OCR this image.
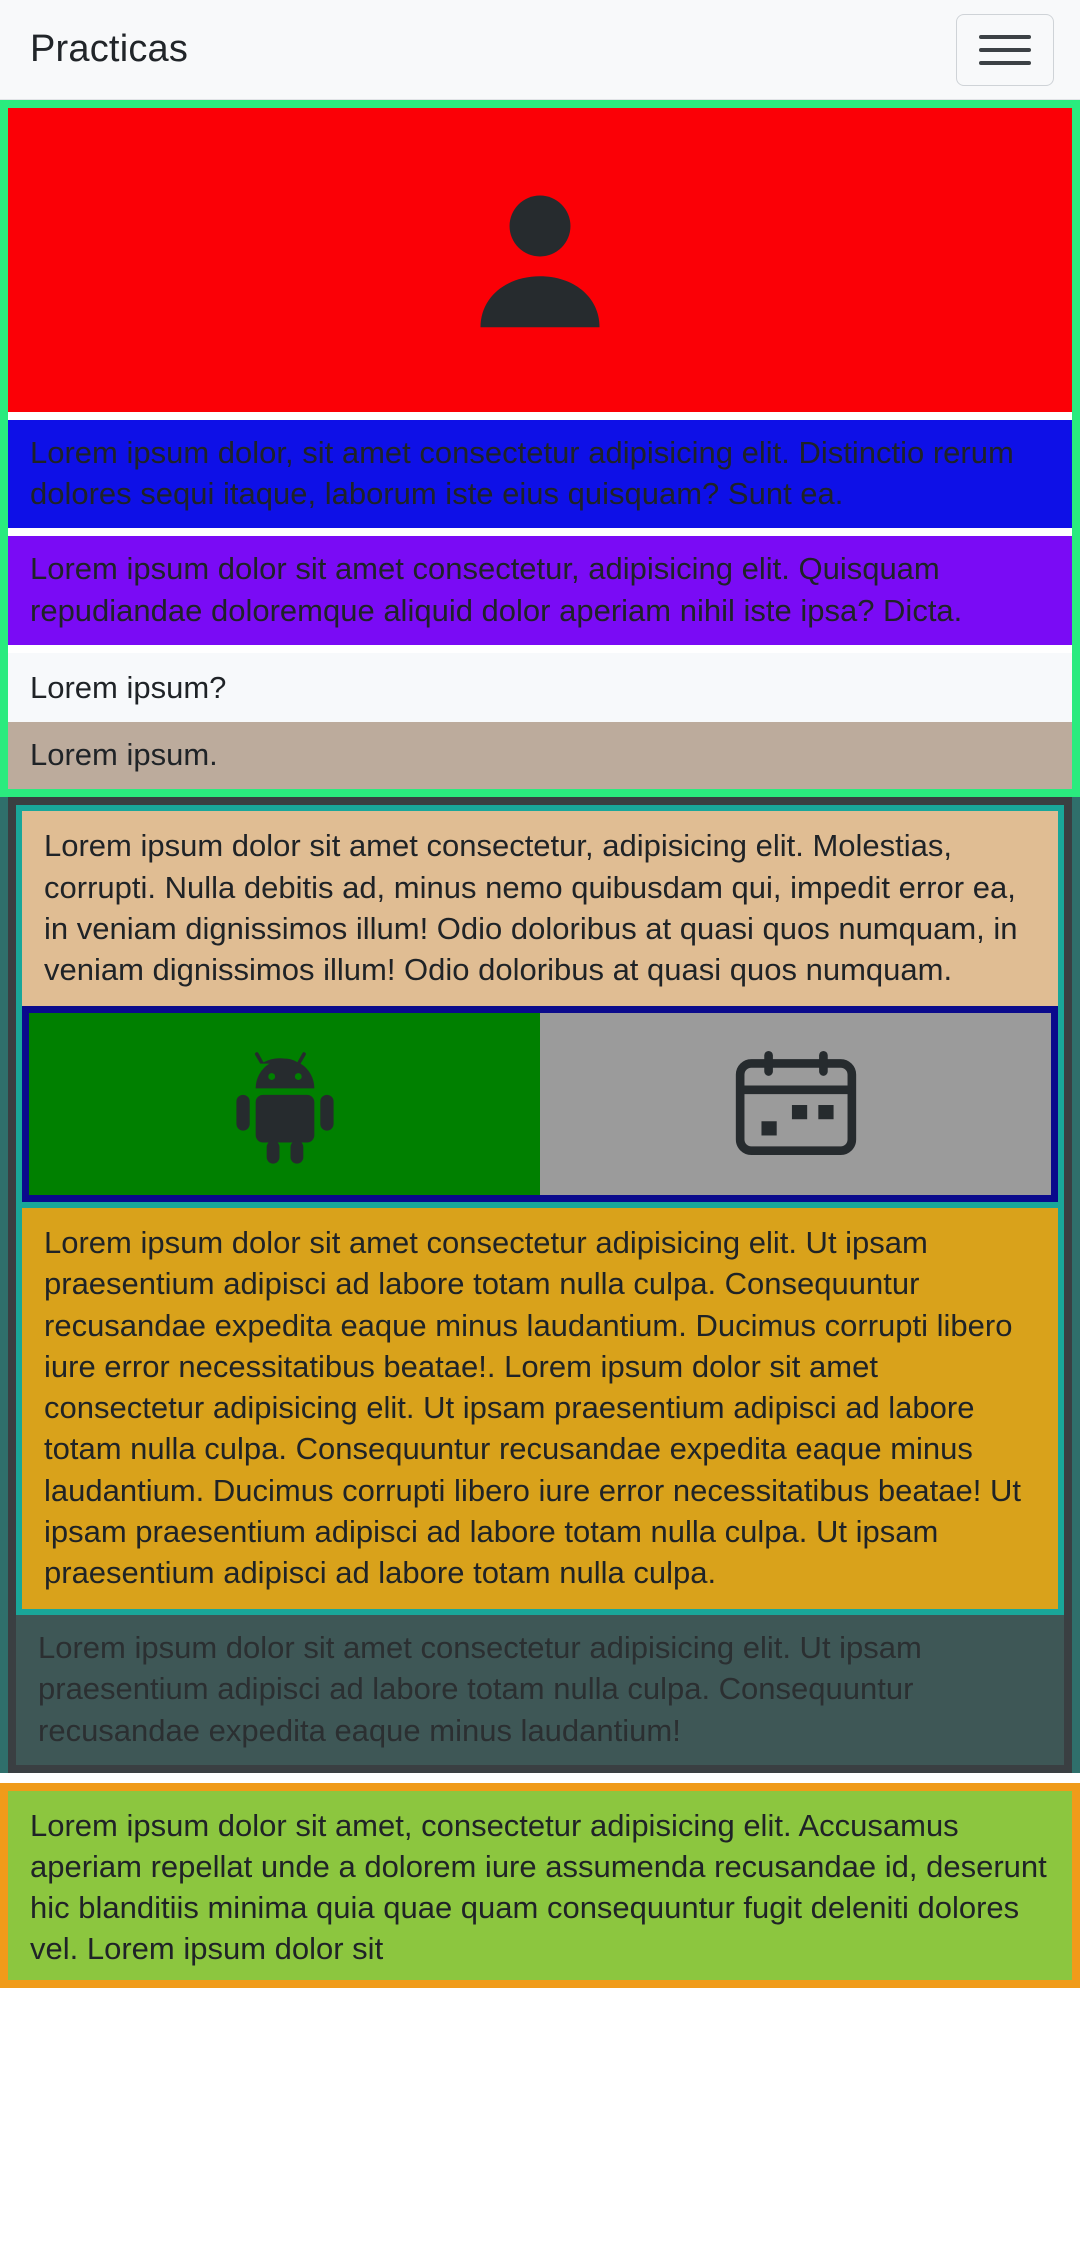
Practicas
Lorem ipsum dolor, sit amet consectetur adipisicing elit. Distinctio rerum dolores sequi itaque, laborum iste eius quisquam? Sunt ea.
Lorem ipsum dolor sit amet consectetur, adipisicing elit. Quisquam repudiandae doloremque aliquid dolor aperiam nihil iste ipsa? Dicta.
Lorem ipsum?
Lorem ipsum.
Lorem ipsum dolor sit amet consectetur, adipisicing elit. Molestias, corrupti. Nulla debitis ad, minus nemo quibusdam qui, impedit error ea, in veniam dignissimos illum! Odio doloribus at quasi quos numquam, in veniam dignissimos illum! Odio doloribus at quasi quos numquam.
Lorem ipsum dolor sit amet consectetur adipisicing elit. Ut ipsam praesentium adipisci ad labore totam nulla culpa. Consequuntur recusandae expedita eaque minus laudantium. Ducimus corrupti libero iure error necessitatibus beatae!. Lorem ipsum dolor sit amet consectetur adipisicing elit. Ut ipsam praesentium adipisci ad labore totam nulla culpa. Consequuntur recusandae expedita eaque minus laudantium. Ducimus corrupti libero iure error necessitatibus beatae! Ut ipsam praesentium adipisci ad labore totam nulla culpa. Ut ipsam praesentium adipisci ad labore totam nulla culpa.
Lorem ipsum dolor sit amet consectetur adipisicing elit. Ut ipsam praesentium adipisci ad labore totam nulla culpa. Consequuntur recusandae expedita eaque minus laudantium!
Lorem ipsum dolor sit amet, consectetur adipisicing elit. Accusamus aperiam repellat unde a dolorem iure assumenda recusandae id, deserunt hic blanditiis minima quia quae quam consequuntur fugit deleniti dolores vel. Lorem ipsum dolor sit
